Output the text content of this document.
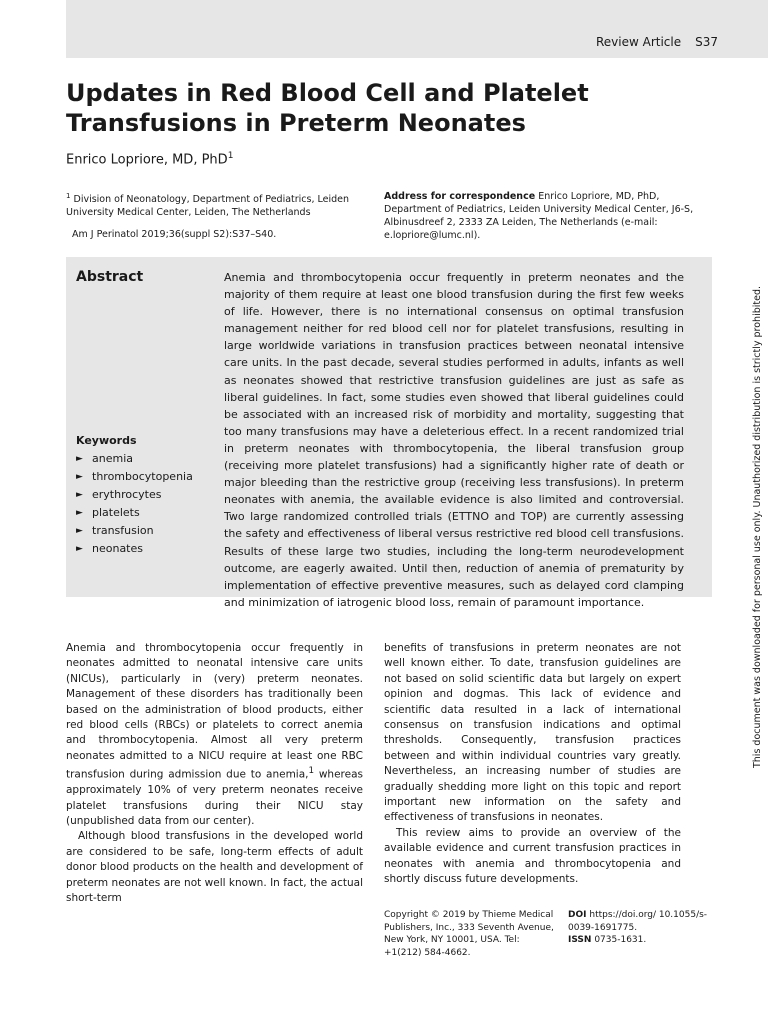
Review Article S37
Updates in Red Blood Cell and Platelet
Transfusions in Preterm Neonates
Enrico Lopriore, MD, PhD$^1$
$^1$ Division of Neonatology, Department of Pediatrics, Leiden University Medical Center, Leiden, The Netherlands
Am J Perinatol 2019;36(suppl S2):S37–S40.
Address for correspondence Enrico Lopriore, MD, PhD, Department of Pediatrics, Leiden University Medical Center, J6-S, Albinusdreef 2, 2333 ZA Leiden, The Netherlands (e-mail: e.lopriore@lumc.nl).
Abstract
Keywords
► anemia
► thrombocytopenia
► erythrocytes
► platelets
► transfusion
► neonates

Anemia and thrombocytopenia occur frequently in preterm neonates and the majority of them require at least one blood transfusion during the first few weeks of life. However, there is no international consensus on optimal transfusion management neither for red blood cell nor for platelet transfusions, resulting in large worldwide variations in transfusion practices between neonatal intensive care units. In the past decade, several studies performed in adults, infants as well as neonates showed that restrictive transfusion guidelines are just as safe as liberal guidelines. In fact, some studies even showed that liberal guidelines could be associated with an increased risk of morbidity and mortality, suggesting that too many transfusions may have a deleterious effect. In a recent randomized trial in preterm neonates with thrombocytopenia, the liberal transfusion group (receiving more platelet transfusions) had a significantly higher rate of death or major bleeding than the restrictive group (receiving less transfusions). In preterm neonates with anemia, the available evidence is also limited and controversial. Two large randomized controlled trials (ETTNO and TOP) are currently assessing the safety and effectiveness of liberal versus restrictive red blood cell transfusions. Results of these large two studies, including the long-term neurodevelopment outcome, are eagerly awaited. Until then, reduction of anemia of prematurity by implementation of effective preventive measures, such as delayed cord clamping and minimization of iatrogenic blood loss, remain of paramount importance.

Anemia and thrombocytopenia occur frequently in neonates admitted to neonatal intensive care units (NICUs), particularly in (very) preterm neonates. Management of these disorders has traditionally been based on the administration of blood products, either red blood cells (RBCs) or platelets to correct anemia and thrombocytopenia. Almost all very preterm neonates admitted to a NICU require at least one RBC transfusion during admission due to anemia,$^1$ whereas approximately 10% of very preterm neonates receive platelet transfusions during their NICU stay (unpublished data from our center).

Although blood transfusions in the developed world are considered to be safe, long-term effects of adult donor blood products on the health and development of preterm neonates are not well known. In fact, the actual short-term

benefits of transfusions in preterm neonates are not well known either. To date, transfusion guidelines are not based on solid scientific data but largely on expert opinion and dogmas. This lack of evidence and scientific data resulted in a lack of international consensus on transfusion indications and optimal thresholds. Consequently, transfusion practices between and within individual countries vary greatly. Nevertheless, an increasing number of studies are gradually shedding more light on this topic and report important new information on the safety and effectiveness of transfusions in neonates.

This review aims to provide an overview of the available evidence and current transfusion practices in neonates with anemia and thrombocytopenia and shortly discuss future developments.

Copyright © 2019 by Thieme Medical Publishers, Inc., 333 Seventh Avenue, New York, NY 10001, USA. Tel: +1(212) 584-4662.
DOI https://doi.org/ 10.1055/s-0039-1691775.
ISSN 0735-1631.
This document was downloaded for personal use only. Unauthorized distribution is strictly prohibited.
